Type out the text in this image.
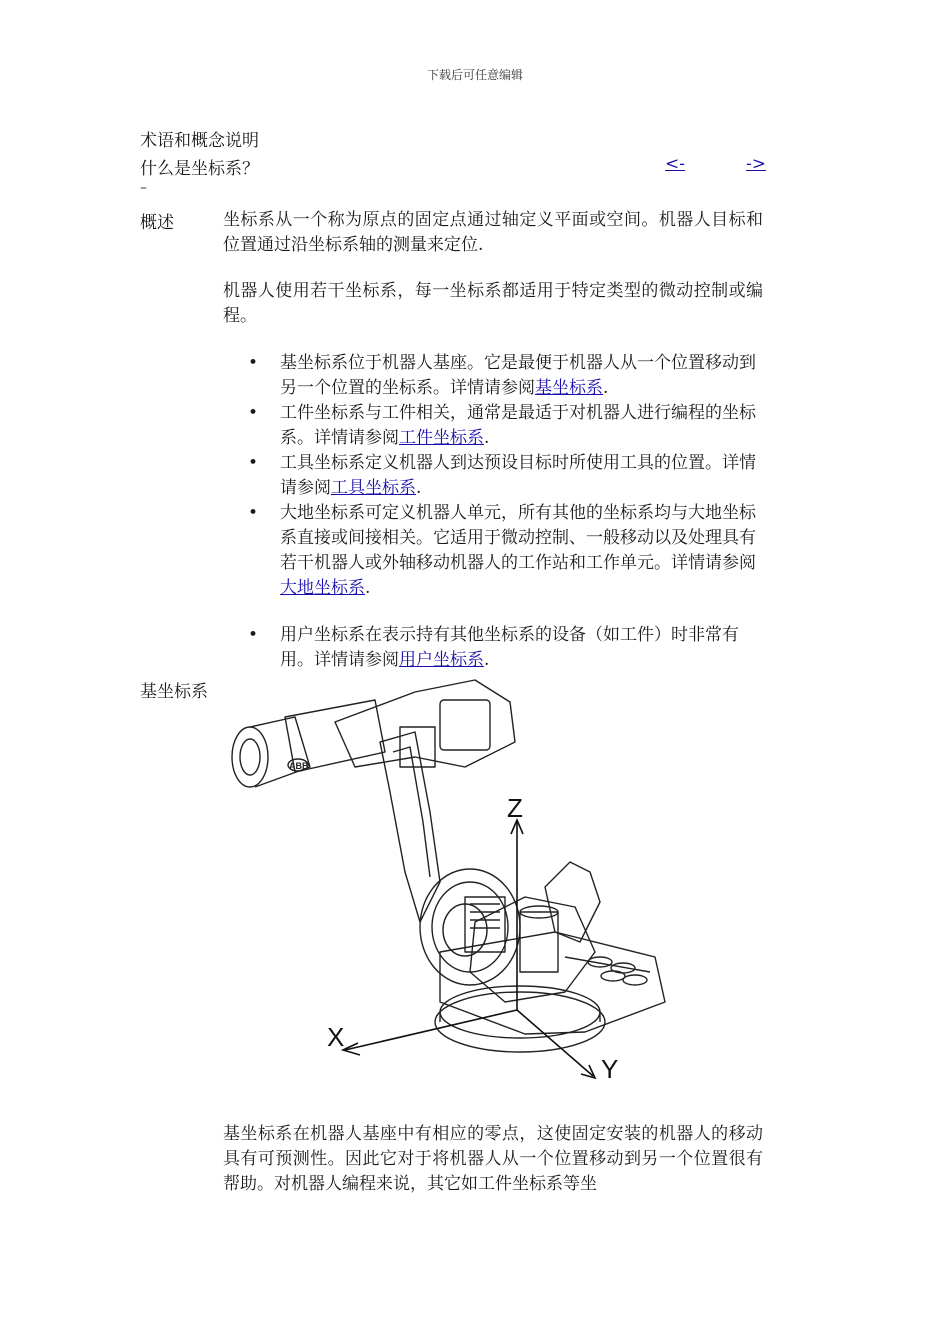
下载后可任意编辑
术语和概念说明
什么是坐标系？	<-	->
–
概述	坐标系从一个称为原点的固定点通过轴定义平面或空间。机器人目标和位置通过沿坐标系轴的测量来定位.
机器人使用若干坐标系，每一坐标系都适用于特定类型的微动控制或编程。
• 基坐标系位于机器人基座。它是最便于机器人从一个位置移动到另一个位置的坐标系。详情请参阅基坐标系.
• 工件坐标系与工件相关，通常是最适于对机器人进行编程的坐标系。详情请参阅工件坐标系.
• 工具坐标系定义机器人到达预设目标时所使用工具的位置。详情请参阅工具坐标系.
• 大地坐标系可定义机器人单元，所有其他的坐标系均与大地坐标系直接或间接相关。它适用于微动控制、一般移动以及处理具有若干机器人或外轴移动机器人的工作站和工作单元。详情请参阅大地坐标系.
• 用户坐标系在表示持有其他坐标系的设备（如工件）时非常有用。详情请参阅用户坐标系.
基坐标系
ABB
Z
X
Y
基坐标系在机器人基座中有相应的零点，这使固定安装的机器人的移动具有可预测性。因此它对于将机器人从一个位置移动到另一个位置很有帮助。对机器人编程来说，其它如工件坐标系等坐
